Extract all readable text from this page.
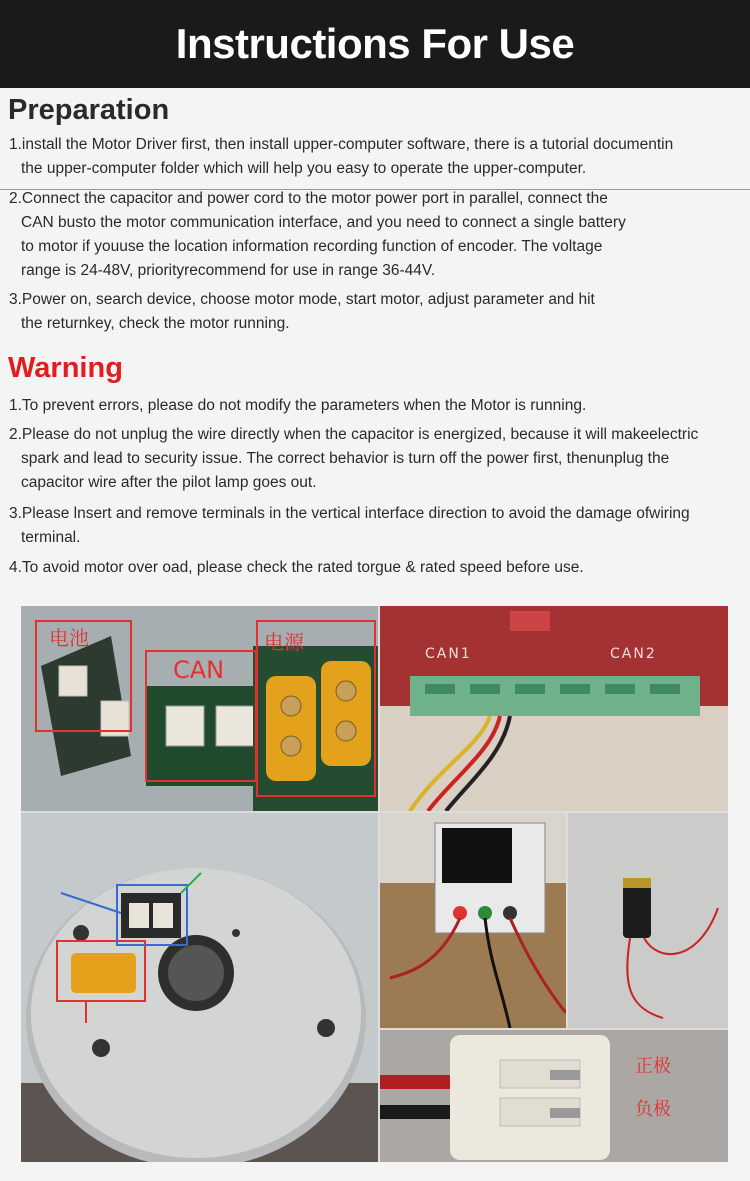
Instructions For Use
Preparation

1.install the Motor Driver first, then install upper-computer software, there is a tutorial documentin
the upper-computer folder which will help you easy to operate the upper-computer.

2.Connect the capacitor and power cord to the motor power port in parallel, connect the
CAN busto the motor communication interface, and you need to connect a single battery
to motor if youuse the location information recording function of encoder. The voltage
range is 24-48V, priorityrecommend for use in range 36-44V.

3.Power on, search device, choose motor mode, start motor, adjust parameter and hit
the returnkey, check the motor running.

Warning

1.To prevent errors, please do not modify the parameters when the Motor is running.

2.Please do not unplug the wire directly when the capacitor is energized, because it will makeelectric
spark and lead to security issue. The correct behavior is turn off the power first, thenunplug the
capacitor wire after the pilot lamp goes out.

3.Please lnsert and remove terminals in the vertical interface direction to avoid the damage ofwiring
terminal.

4.To avoid motor over oad, please check the rated torgue & rated speed before use.

电池
CAN
电源	CAN1	CAN2
正极
负极
